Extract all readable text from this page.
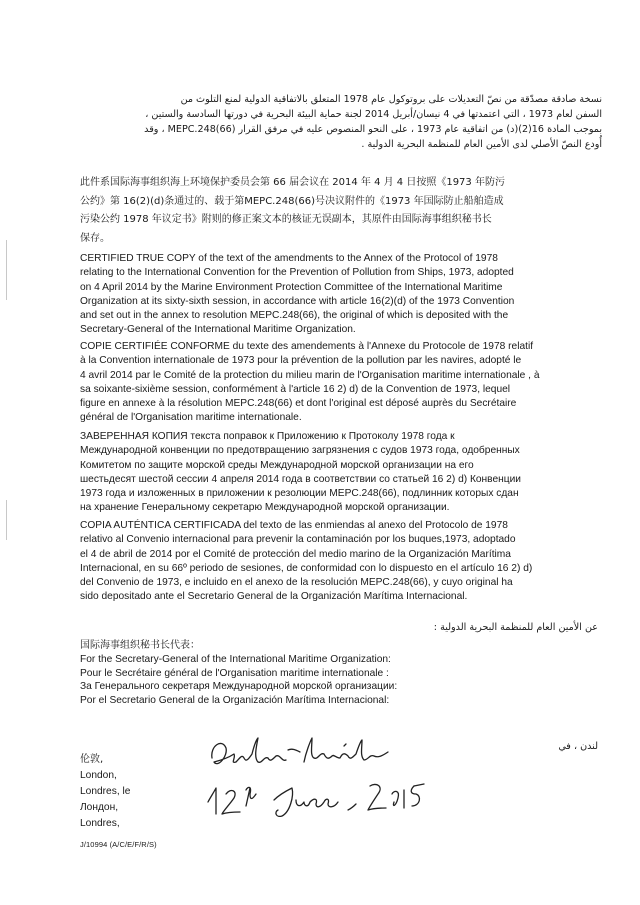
نسخة صادقة مصدّقة من نصّ التعديلات على بروتوكول عام 1978 المتعلق بالاتفاقية الدولية لمنع التلوث من
السفن لعام 1973 ، التي اعتمدتها في 4 نيسان/أبريل 2014 لجنة حماية البيئة البحرية في دورتها السادسة والستين ،
بموجب المادة 16(2)(د) من اتفاقية عام 1973 ، على النحو المنصوص عليه في مرفق القرار (MEPC.248(66 ، وقد
أُودع النصّ الأصلي لدى الأمين العام للمنظمة البحرية الدولية .
此件系国际海事组织海上环境保护委员会第 66 届会议在 2014 年 4 月 4 日按照《1973 年防污
公约》第 16(2)(d)条通过的、载于第MEPC.248(66)号决议附件的《1973 年国际防止船舶造成
污染公约 1978 年议定书》附则的修正案文本的核证无误副本，其原件由国际海事组织秘书长
保存。
CERTIFIED TRUE COPY of the text of the amendments to the Annex of the Protocol of 1978
relating to the International Convention for the Prevention of Pollution from Ships, 1973, adopted
on 4 April 2014 by the Marine Environment Protection Committee of the International Maritime
Organization at its sixty-sixth session, in accordance with article 16(2)(d) of the 1973 Convention
and set out in the annex to resolution MEPC.248(66), the original of which is deposited with the
Secretary-General of the International Maritime Organization.
COPIE CERTIFIÉE CONFORME du texte des amendements à l'Annexe du Protocole de 1978 relatif
à la Convention internationale de 1973 pour la prévention de la pollution par les navires, adopté le
4 avril 2014 par le Comité de la protection du milieu marin de l'Organisation maritime internationale , à
sa soixante-sixième session, conformément à l'article 16 2) d) de la Convention de 1973, lequel
figure en annexe à la résolution MEPC.248(66) et dont l'original est déposé auprès du Secrétaire
général de l'Organisation maritime internationale.
ЗАВЕРЕННАЯ КОПИЯ текста поправок к Приложению к Протоколу 1978 года к
Международной конвенции по предотвращению загрязнения с судов 1973 года, одобренных
Комитетом по защите морской среды Международной морской организации на его
шестьдесят шестой сессии 4 апреля 2014 года в соответствии со статьей 16 2) d) Конвенции
1973 года и изложенных в приложении к резолюции MEPC.248(66), подлинник которых сдан
на хранение Генеральному секретарю Международной морской организации.
COPIA AUTÉNTICA CERTIFICADA del texto de las enmiendas al anexo del Protocolo de 1978
relativo al Convenio internacional para prevenir la contaminación por los buques,1973, adoptado
el 4 de abril de 2014 por el Comité de protección del medio marino de la Organización Marítima
Internacional, en su 66º periodo de sesiones, de conformidad con lo dispuesto en el artículo 16 2) d)
del Convenio de 1973, e incluido en el anexo de la resolución MEPC.248(66), y cuyo original ha
sido depositado ante el Secretario General de la Organización Marítima Internacional.
عن الأمين العام للمنظمة البحرية الدولية :
国际海事组织秘书长代表：
For the Secretary-General of the International Maritime Organization:
Pour le Secrétaire général de l'Organisation maritime internationale :
За Генерального секретаря Международной морской организации:
Por el Secretario General de la Organización Marítima Internacional:
لندن ، في
伦敦,
London,
Londres, le
Лондон,
Londres,
J/10994 (A/C/E/F/R/S)
